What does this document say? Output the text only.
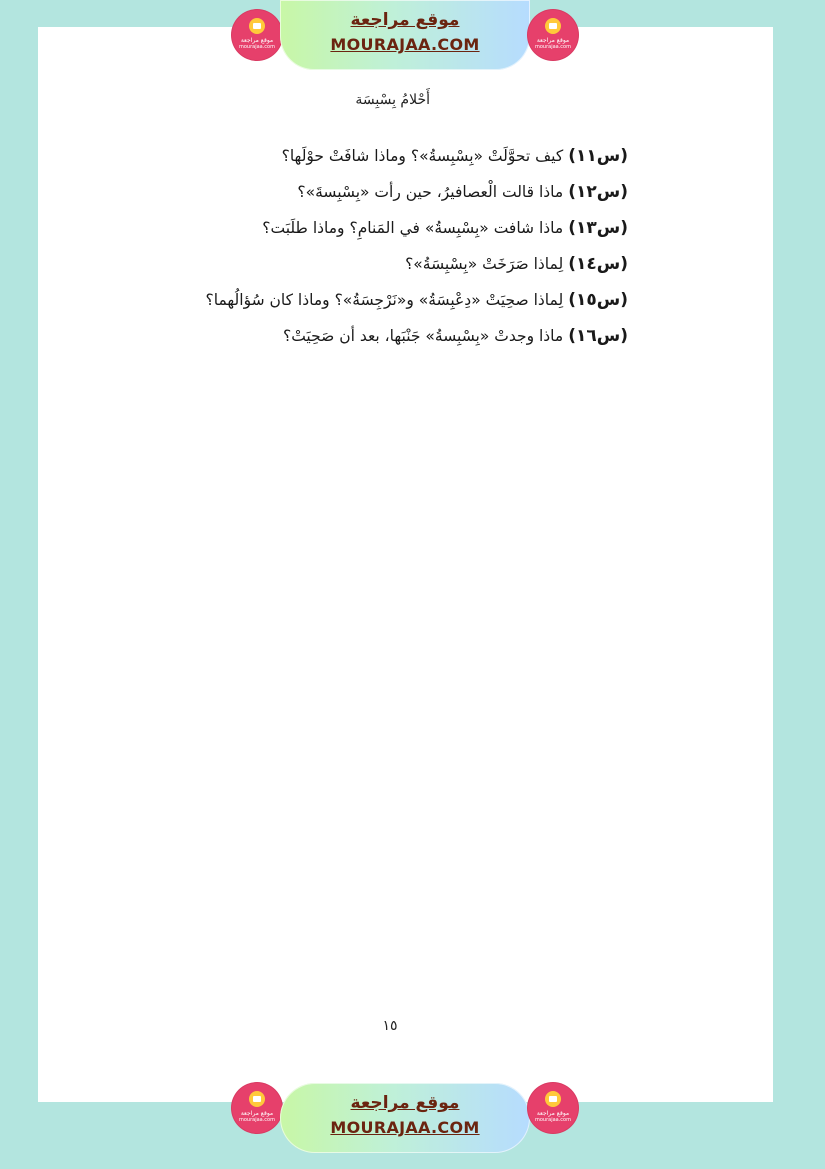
موقع مراجعة
mourajaa.com
موقع مراجعة
MOURAJAA.COM	موقع مراجعة
mourajaa.com
أَحْلامُ بِسْبِسَة
(س١١)كيف تحوَّلَتْ «بِسْبِسةُ»؟ وماذا شافَتْ حوْلَها؟
(س١٢)ماذا قالت الْعصافيرُ، حين رأت «بِسْبِسةَ»؟
(س١٣)ماذا شافت «بِسْبِسةُ» في المَنامِ؟ وماذا طلَبَت؟
(س١٤)لِماذا صَرَخَتْ «بِسْبِسَةُ»؟
(س١٥)لِماذا صحِيَتْ «دِعْبِسَةُ» و«نَرْجِسَةُ»؟ وماذا كان سُؤالُهما؟
(س١٦)ماذا وجدتْ «بِسْبِسةُ» جَنْبَها، بعد أن صَحِيَتْ؟
١٥
موقع مراجعة
mourajaa.com
موقع مراجعة
MOURAJAA.COM
موقع مراجعة
mourajaa.com
